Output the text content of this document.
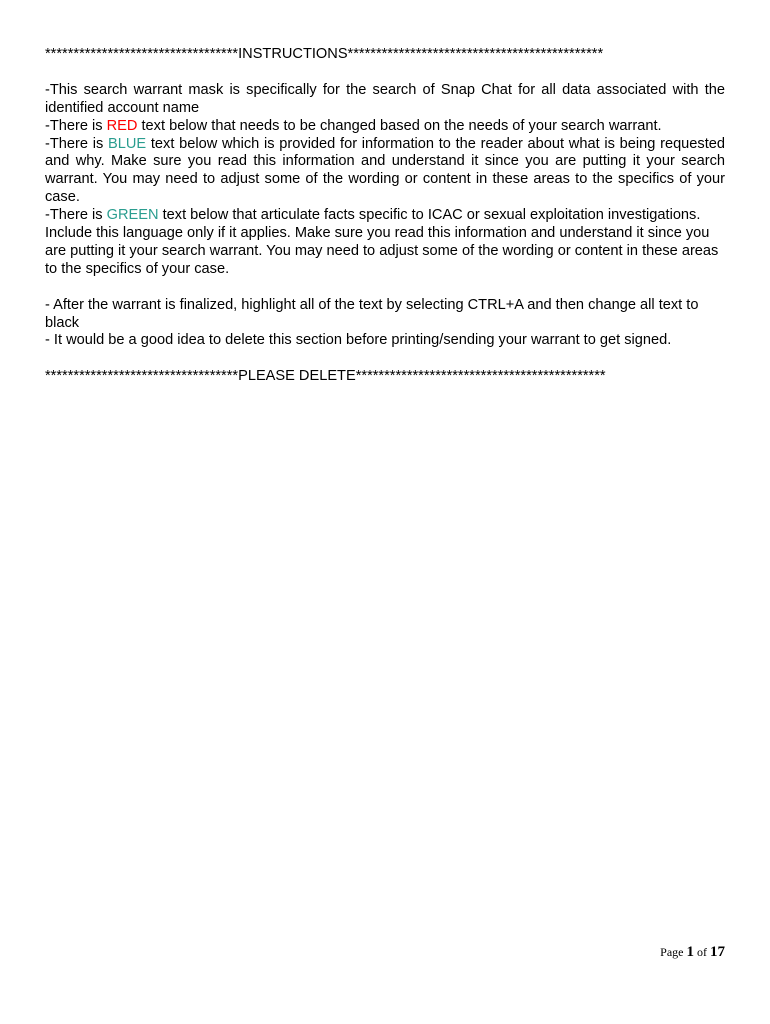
**********************************INSTRUCTIONS*********************************************

-This search warrant mask is specifically for the search of Snap Chat for all data associated with the identified account name

-There is RED text below that needs to be changed based on the needs of your search warrant.

-There is BLUE text below which is provided for information to the reader about what is being requested and why. Make sure you read this information and understand it since you are putting it your search warrant. You may need to adjust some of the wording or content in these areas to the specifics of your case.

-There is GREEN text below that articulate facts specific to ICAC or sexual exploitation investigations.
Include this language only if it applies. Make sure you read this information and understand it since you are putting it your search warrant. You may need to adjust some of the wording or content in these areas to the specifics of your case.

- After the warrant is finalized, highlight all of the text by selecting CTRL+A and then change all text to black

- It would be a good idea to delete this section before printing/sending your warrant to get signed.

**********************************PLEASE DELETE********************************************

Page 1 of 17
